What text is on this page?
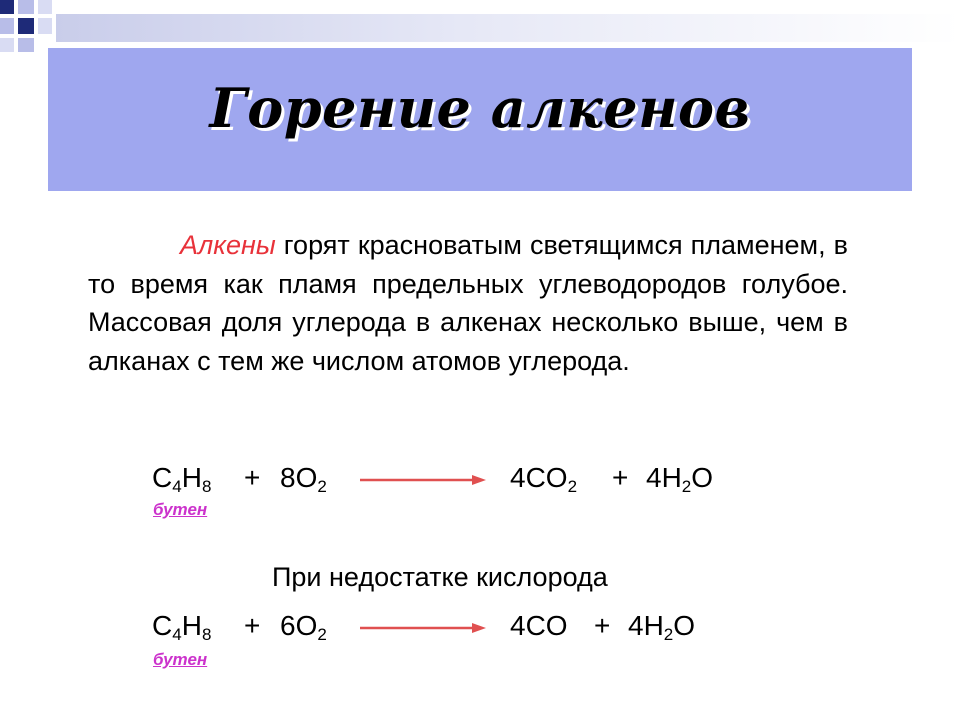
Горение алкенов
Алкены горят красноватым светящимся пламенем, в то время как пламя предельных углеводородов голубое. Массовая доля углерода в алкенах несколько выше, чем в алканах с тем же числом атомов углерода.
$C_4H_8 + 8O_2$	$4CO_2 + 4H_2O$
бутен
При недостатке кислорода
$C_4H_8 + 6O_2$	$4CO + 4H_2O$
бутен
